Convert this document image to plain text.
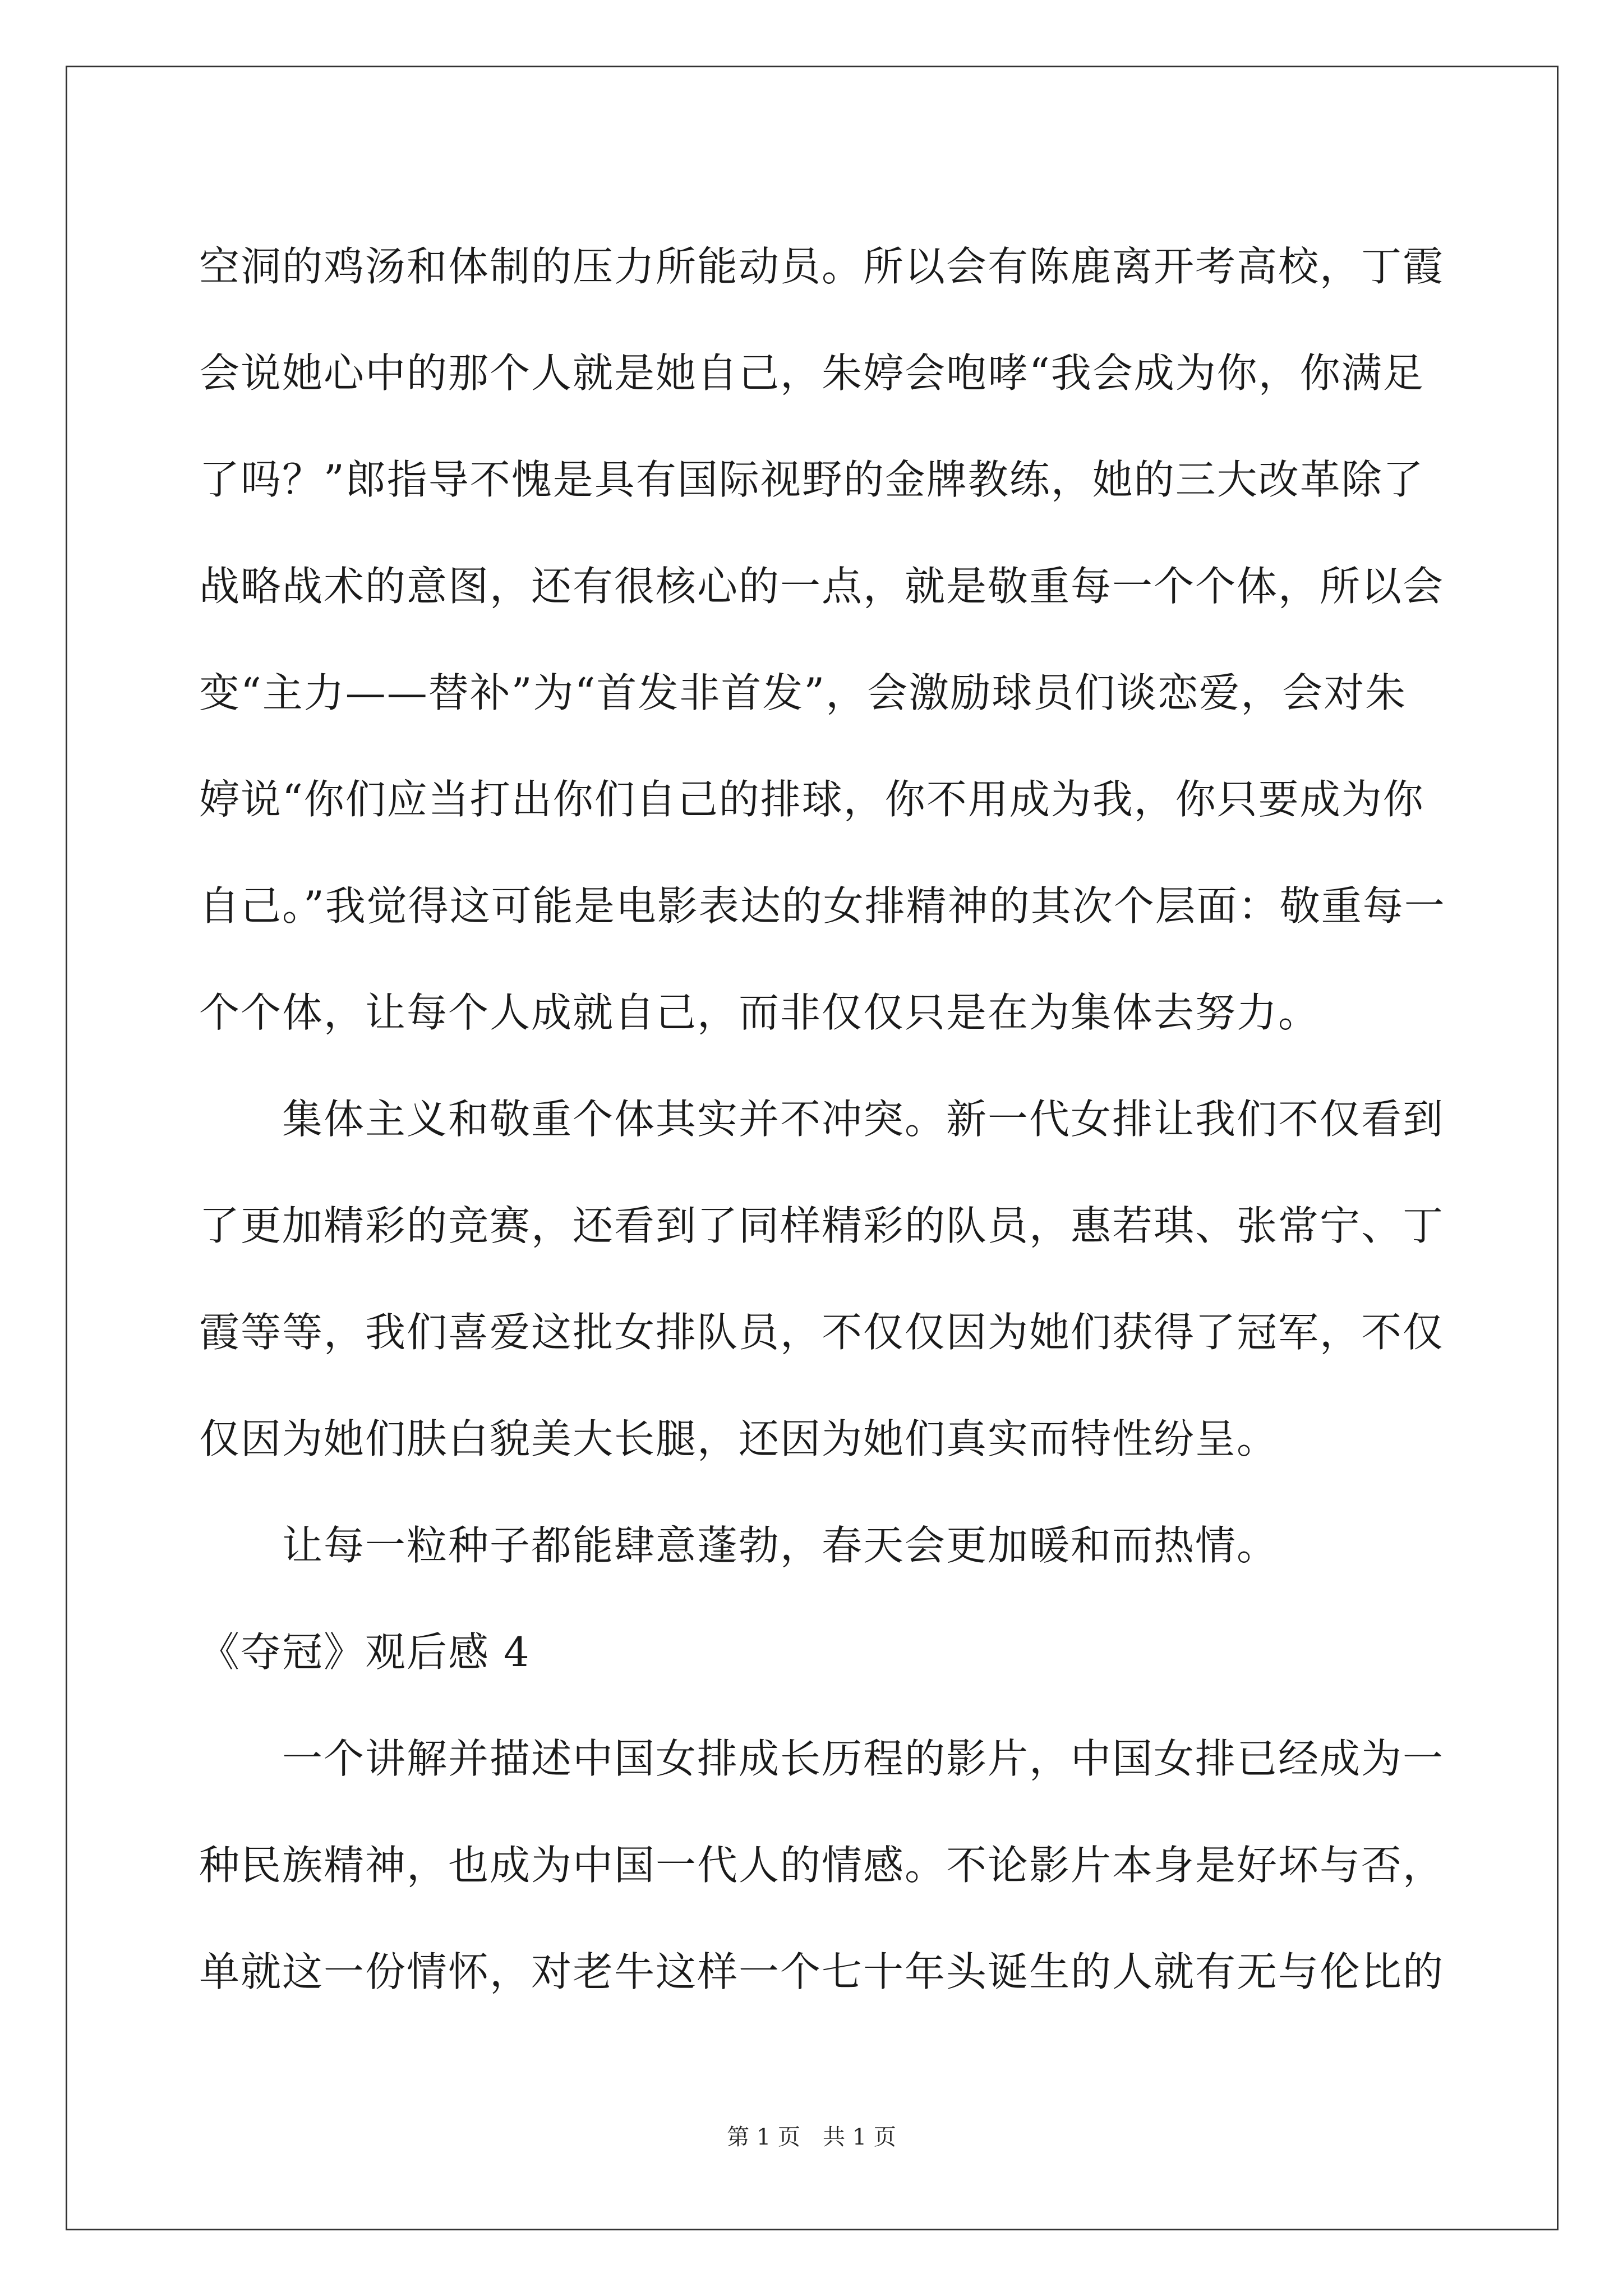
空洞的鸡汤和体制的压力所能动员。所以会有陈鹿离开考高校，丁霞
会说她心中的那个人就是她自己，朱婷会咆哮“我会成为你，你满足
了吗？”郎指导不愧是具有国际视野的金牌教练，她的三大改革除了
战略战术的意图，还有很核心的一点，就是敬重每一个个体，所以会
变“主力——替补”为“首发非首发”，会激励球员们谈恋爱，会对朱
婷说“你们应当打出你们自己的排球，你不用成为我，你只要成为你
自己。”我觉得这可能是电影表达的女排精神的其次个层面：敬重每一
个个体，让每个人成就自己，而非仅仅只是在为集体去努力。
集体主义和敬重个体其实并不冲突。新一代女排让我们不仅看到
了更加精彩的竞赛，还看到了同样精彩的队员，惠若琪、张常宁、丁
霞等等，我们喜爱这批女排队员，不仅仅因为她们获得了冠军，不仅
仅因为她们肤白貌美大长腿，还因为她们真实而特性纷呈。
让每一粒种子都能肆意蓬勃，春天会更加暖和而热情。
《夺冠》观后感 4
一个讲解并描述中国女排成长历程的影片，中国女排已经成为一
种民族精神，也成为中国一代人的情感。不论影片本身是好坏与否，
单就这一份情怀，对老牛这样一个七十年头诞生的人就有无与伦比的
第 1 页　共 1 页
